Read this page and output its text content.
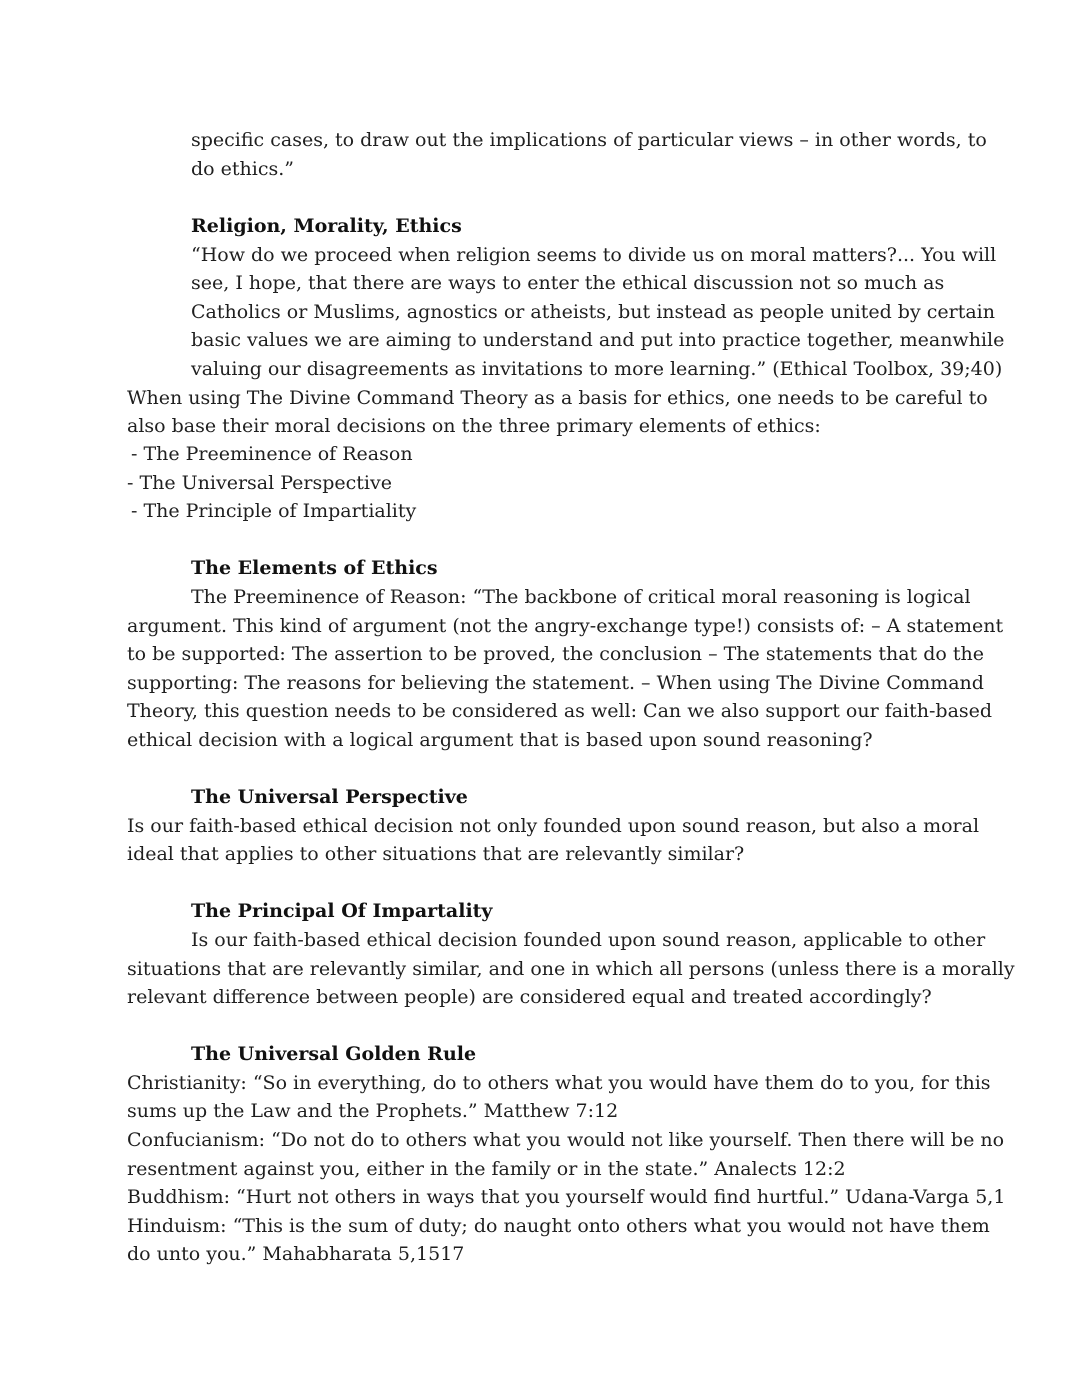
specific cases, to draw out the implications of particular views – in other words, to

do ethics.”

Religion, Morality, Ethics

“How do we proceed when religion seems to divide us on moral matters?... You will

see, I hope, that there are ways to enter the ethical discussion not so much as

Catholics or Muslims, agnostics or atheists, but instead as people united by certain

basic values we are aiming to understand and put into practice together, meanwhile

valuing our disagreements as invitations to more learning.” (Ethical Toolbox, 39;40)

When using The Divine Command Theory as a basis for ethics, one needs to be careful to

also base their moral decisions on the three primary elements of ethics:

- The Preeminence of Reason

- The Universal Perspective

- The Principle of Impartiality

The Elements of Ethics

The Preeminence of Reason: “The backbone of critical moral reasoning is logical

argument. This kind of argument (not the angry-exchange type!) consists of: – A statement

to be supported: The assertion to be proved, the conclusion – The statements that do the

supporting: The reasons for believing the statement. – When using The Divine Command

Theory, this question needs to be considered as well: Can we also support our faith-based

ethical decision with a logical argument that is based upon sound reasoning?

The Universal Perspective

Is our faith-based ethical decision not only founded upon sound reason, but also a moral

ideal that applies to other situations that are relevantly similar?

The Principal Of Impartality

Is our faith-based ethical decision founded upon sound reason, applicable to other

situations that are relevantly similar, and one in which all persons (unless there is a morally

relevant difference between people) are considered equal and treated accordingly?

The Universal Golden Rule

Christianity: “So in everything, do to others what you would have them do to you, for this

sums up the Law and the Prophets.” Matthew 7:12

Confucianism: “Do not do to others what you would not like yourself. Then there will be no

resentment against you, either in the family or in the state.” Analects 12:2

Buddhism: “Hurt not others in ways that you yourself would find hurtful.” Udana-Varga 5,1

Hinduism: “This is the sum of duty; do naught onto others what you would not have them

do unto you.” Mahabharata 5,1517
